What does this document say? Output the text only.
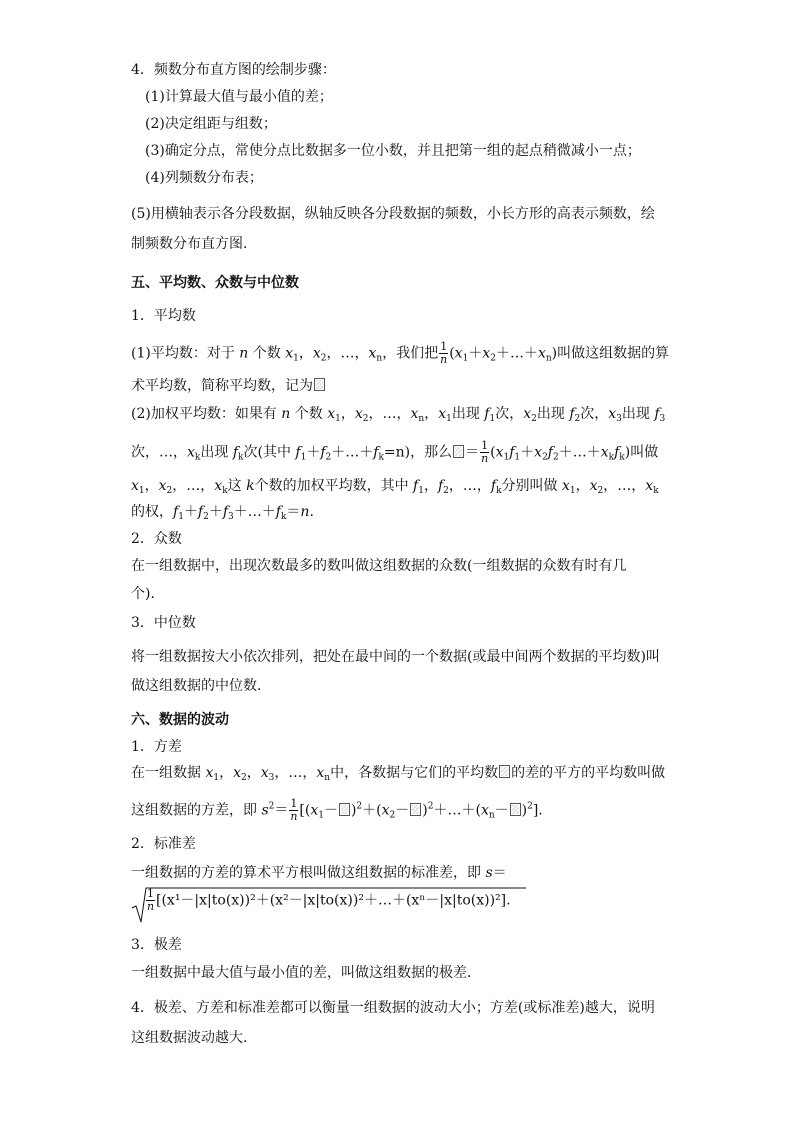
4．频数分布直方图的绘制步骤：
(1)计算最大值与最小值的差；
(2)决定组距与组数；
(3)确定分点，常使分点比数据多一位小数，并且把第一组的起点稍微减小一点；
(4)列频数分布表；
(5)用横轴表示各分段数据，纵轴反映各分段数据的频数，小长方形的高表示频数，绘
制频数分布直方图．
五、平均数、众数与中位数
1．平均数
(1)平均数：对于 n 个数 $x_1$，$x_2$，…，$x_n$，我们把 $\frac{1}{n}$ $(x_1+x_2+\dots+x_n)$叫做这组数据的算
术平均数，简称平均数，记为
(2)加权平均数：如果有 n 个数 $x_1$，$x_2$，…，$x_n$，$x_1$出现 $f_1$次，$x_2$出现 $f_2$次，$x_3$出现 $f_3$
次，…，$x_k$出现 $f_k$次(其中 $f_1+f_2+\dots+f_k=n$)，那么 ＝ $\frac{1}{n}$ $(x_1f_1+x_2f_2+\dots+x_kf_k)$叫做
$x_1$，$x_2$，…，$x_k$这 k个数的加权平均数，其中 $f_1$，$f_2$，…，$f_k$分别叫做 $x_1$，$x_2$，…，$x_k$
的权，$f_1+f_2+f_3+\dots+f_k=n$.
2．众数
在一组数据中，出现次数最多的数叫做这组数据的众数(一组数据的众数有时有几
个)．
3．中位数
将一组数据按大小依次排列，把处在最中间的一个数据(或最中间两个数据的平均数)叫
做这组数据的中位数．
六、数据的波动
1．方差
在一组数据 $x_1$，$x_2$，$x_3$，…，$x_n$中，各数据与它们的平均数 的差的平方的平均数叫做
这组数据的方差，即 $s^2= \frac{1}{n} [(x_1- )^2+(x_2-$ )$^2+\dots+(x_n- )^2$].
2．标准差
一组数据的方差的算术平方根叫做这组数据的标准差，即 s＝
$\frac{1}{n}$ [(x¹－|x|to(x))²＋(x²－|x|to(x))²＋…＋(xⁿ－|x|to(x))²].
3．极差
一组数据中最大值与最小值的差，叫做这组数据的极差．
4．极差、方差和标准差都可以衡量一组数据的波动大小；方差(或标准差)越大，说明
这组数据波动越大．
